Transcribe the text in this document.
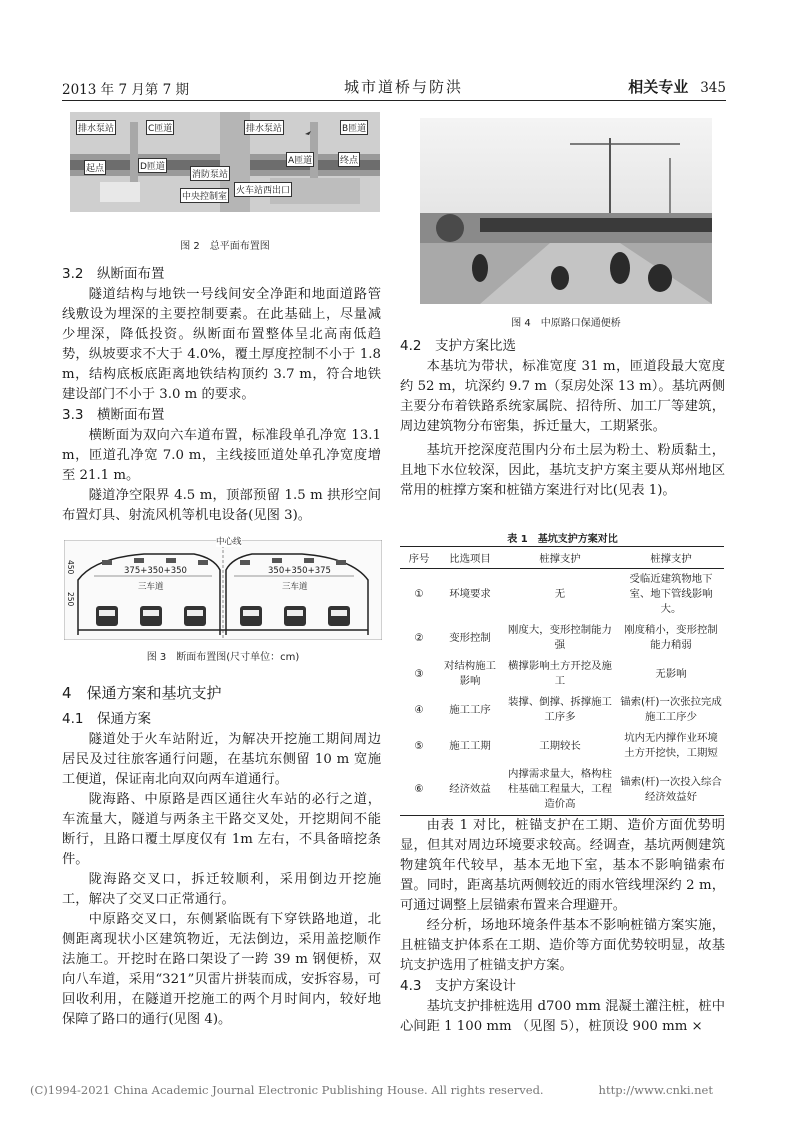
2013 年 7 月第 7 期	城市道桥与防洪	相关专业 345
排水泵站	C匝道	排水泵站	B匝道
起点	D匝道
A匝道	终点
消防泵站
中央控制室
火车站西出口
图 2　总平面布置图
3.2　纵断面布置

隧道结构与地铁一号线间安全净距和地面道路管线敷设为埋深的主要控制要素。在此基础上，尽量减少埋深，降低投资。纵断面布置整体呈北高南低趋势，纵坡要求不大于 4.0%，覆土厚度控制不小于 1.8 m，结构底板底距离地铁结构顶约 3.7 m，符合地铁建设部门不小于 3.0 m 的要求。

3.3　横断面布置

横断面为双向六车道布置，标准段单孔净宽 13.1 m，匝道孔净宽 7.0 m，主线接匝道处单孔净宽度增至 21.1 m。

隧道净空限界 4.5 m，顶部预留 1.5 m 拱形空间布置灯具、射流风机等机电设备(见图 3)。

中心线
375+350+350	350+350+375
三车道	三车道
250
450
图 3　断面布置图(尺寸单位：cm)
4　保通方案和基坑支护
4.1　保通方案

隧道处于火车站附近，为解决开挖施工期间周边居民及过往旅客通行问题，在基坑东侧留 10 m 宽施工便道，保证南北向双向两车道通行。

陇海路、中原路是西区通往火车站的必行之道，车流量大，隧道与两条主干路交叉处，开挖期间不能断行，且路口覆土厚度仅有 1m 左右，不具备暗挖条件。

陇海路交叉口，拆迁较顺利，采用倒边开挖施工，解决了交叉口正常通行。

中原路交叉口，东侧紧临既有下穿铁路地道，北侧距离现状小区建筑物近，无法倒边，采用盖挖顺作法施工。开挖时在路口架设了一跨 39 m 钢便桥，双向八车道，采用“321”贝雷片拼装而成，安拆容易，可回收利用，在隧道开挖施工的两个月时间内，较好地保障了路口的通行(见图 4)。

图 4　中原路口保通便桥
4.2　支护方案比选

本基坑为带状，标准宽度 31 m，匝道段最大宽度约 52 m，坑深约 9.7 m（泵房处深 13 m）。基坑两侧主要分布着铁路系统家属院、招待所、加工厂等建筑，周边建筑物分布密集，拆迁量大，工期紧张。

基坑开挖深度范围内分布土层为粉土、粉质黏土，且地下水位较深，因此，基坑支护方案主要从郑州地区常用的桩撑方案和桩锚方案进行对比(见表 1)。

表 1　基坑支护方案对比
序号	比选项目	桩撑支护	桩撑支护
①	环境要求	无	受临近建筑物地下室、地下管线影响大。
②	变形控制	刚度大，变形控制能力强	刚度稍小，变形控制能力稍弱
③	对结构施工影响	横撑影响土方开挖及施工	无影响
④	施工工序	装撑、倒撑、拆撑施工工序多	锚索(杆)一次张拉完成施工工序少
⑤	施工工期	工期较长	坑内无内撑作业环境土方开挖快，工期短
⑥	经济效益	内撑需求量大，格构柱柱基础工程量大，工程造价高	锚索(杆)一次投入综合经济效益好

由表 1 对比，桩锚支护在工期、造价方面优势明显，但其对周边环境要求较高。经调查，基坑两侧建筑物建筑年代较早，基本无地下室，基本不影响锚索布置。同时，距离基坑两侧较近的雨水管线埋深约 2 m，可通过调整上层锚索布置来合理避开。

经分析，场地环境条件基本不影响桩锚方案实施，且桩锚支护体系在工期、造价等方面优势较明显，故基坑支护选用了桩锚支护方案。

4.3　支护方案设计

基坑支护排桩选用 d700 mm 混凝土灌注桩，桩中心间距 1 100 mm （见图 5），桩顶设 900 mm ×

(C)1994-2021 China Academic Journal Electronic Publishing House. All rights reserved.	http://www.cnki.net
